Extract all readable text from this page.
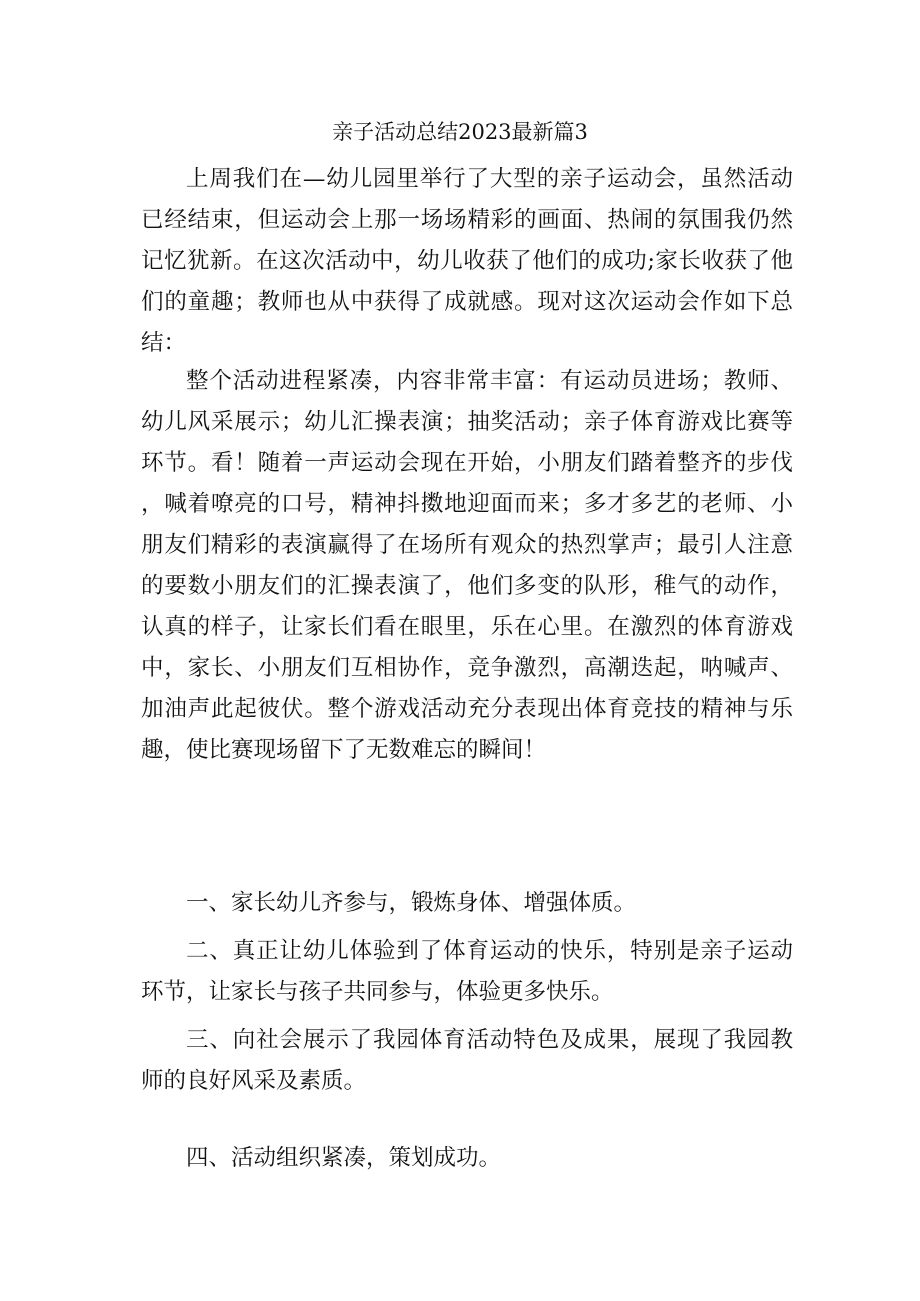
亲子活动总结2023最新篇3

上周我们在—幼儿园里举行了大型的亲子运动会，虽然活动已经结束，但运动会上那一场场精彩的画面、热闹的氛围我仍然记忆犹新。在这次活动中，幼儿收获了他们的成功;家长收获了他们的童趣；教师也从中获得了成就感。现对这次运动会作如下总结：

整个活动进程紧凑，内容非常丰富：有运动员进场；教师、幼儿风采展示；幼儿汇操表演；抽奖活动；亲子体育游戏比赛等环节。看！随着一声运动会现在开始，小朋友们踏着整齐的步伐，喊着嘹亮的口号，精神抖擞地迎面而来；多才多艺的老师、小朋友们精彩的表演赢得了在场所有观众的热烈掌声；最引人注意的要数小朋友们的汇操表演了，他们多变的队形，稚气的动作，认真的样子，让家长们看在眼里，乐在心里。在激烈的体育游戏中，家长、小朋友们互相协作，竞争激烈，高潮迭起，呐喊声、加油声此起彼伏。整个游戏活动充分表现出体育竞技的精神与乐趣，使比赛现场留下了无数难忘的瞬间！

一、家长幼儿齐参与，锻炼身体、增强体质。

二、真正让幼儿体验到了体育运动的快乐，特别是亲子运动环节，让家长与孩子共同参与，体验更多快乐。

三、向社会展示了我园体育活动特色及成果，展现了我园教师的良好风采及素质。

四、活动组织紧凑，策划成功。
